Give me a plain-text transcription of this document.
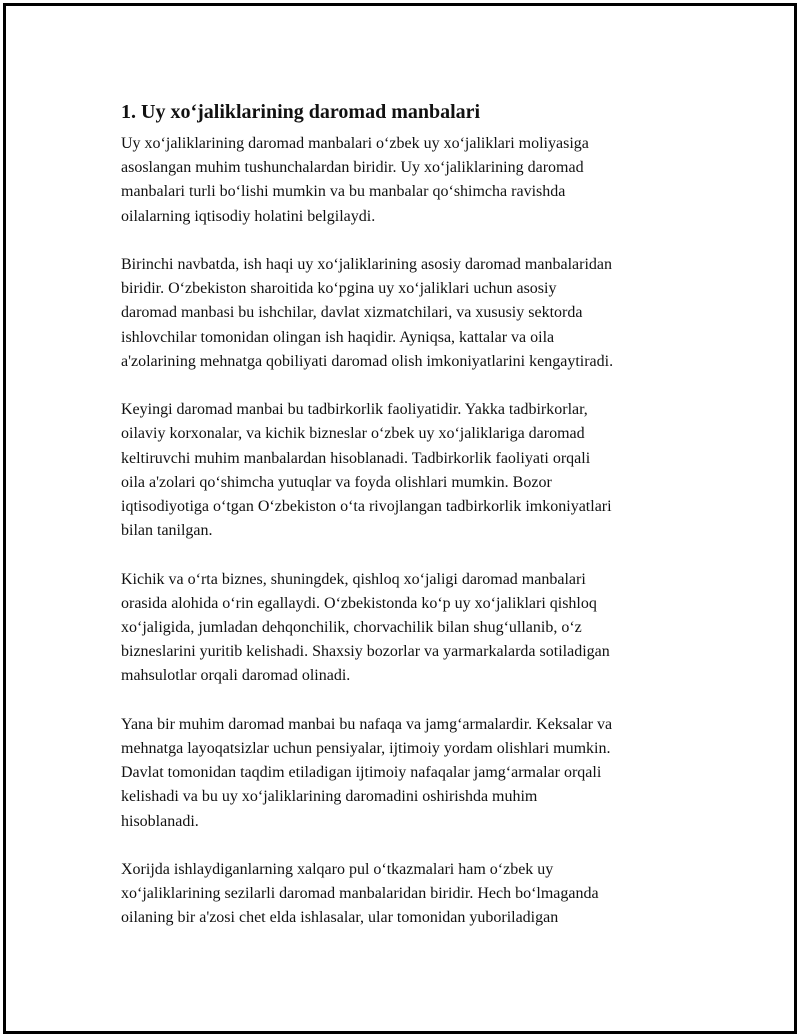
1. Uy xo‘jaliklarining daromad manbalari

Uy xo‘jaliklarining daromad manbalari o‘zbek uy xo‘jaliklari moliyasiga
asoslangan muhim tushunchalardan biridir. Uy xo‘jaliklarining daromad
manbalari turli bo‘lishi mumkin va bu manbalar qo‘shimcha ravishda
oilalarning iqtisodiy holatini belgilaydi.

Birinchi navbatda, ish haqi uy xo‘jaliklarining asosiy daromad manbalaridan
biridir. O‘zbekiston sharoitida ko‘pgina uy xo‘jaliklari uchun asosiy
daromad manbasi bu ishchilar, davlat xizmatchilari, va xususiy sektorda
ishlovchilar tomonidan olingan ish haqidir. Ayniqsa, kattalar va oila
a'zolarining mehnatga qobiliyati daromad olish imkoniyatlarini kengaytiradi.

Keyingi daromad manbai bu tadbirkorlik faoliyatidir. Yakka tadbirkorlar,
oilaviy korxonalar, va kichik bizneslar o‘zbek uy xo‘jaliklariga daromad
keltiruvchi muhim manbalardan hisoblanadi. Tadbirkorlik faoliyati orqali
oila a'zolari qo‘shimcha yutuqlar va foyda olishlari mumkin. Bozor
iqtisodiyotiga o‘tgan O‘zbekiston o‘ta rivojlangan tadbirkorlik imkoniyatlari
bilan tanilgan.

Kichik va o‘rta biznes, shuningdek, qishloq xo‘jaligi daromad manbalari
orasida alohida o‘rin egallaydi. O‘zbekistonda ko‘p uy xo‘jaliklari qishloq
xo‘jaligida, jumladan dehqonchilik, chorvachilik bilan shug‘ullanib, o‘z
bizneslarini yuritib kelishadi. Shaxsiy bozorlar va yarmarkalarda sotiladigan
mahsulotlar orqali daromad olinadi.

Yana bir muhim daromad manbai bu nafaqa va jamg‘armalardir. Keksalar va
mehnatga layoqatsizlar uchun pensiyalar, ijtimoiy yordam olishlari mumkin.
Davlat tomonidan taqdim etiladigan ijtimoiy nafaqalar jamg‘armalar orqali
kelishadi va bu uy xo‘jaliklarining daromadini oshirishda muhim
hisoblanadi.

Xorijda ishlaydiganlarning xalqaro pul o‘tkazmalari ham o‘zbek uy
xo‘jaliklarining sezilarli daromad manbalaridan biridir. Hech bo‘lmaganda
oilaning bir a'zosi chet elda ishlasalar, ular tomonidan yuboriladigan
